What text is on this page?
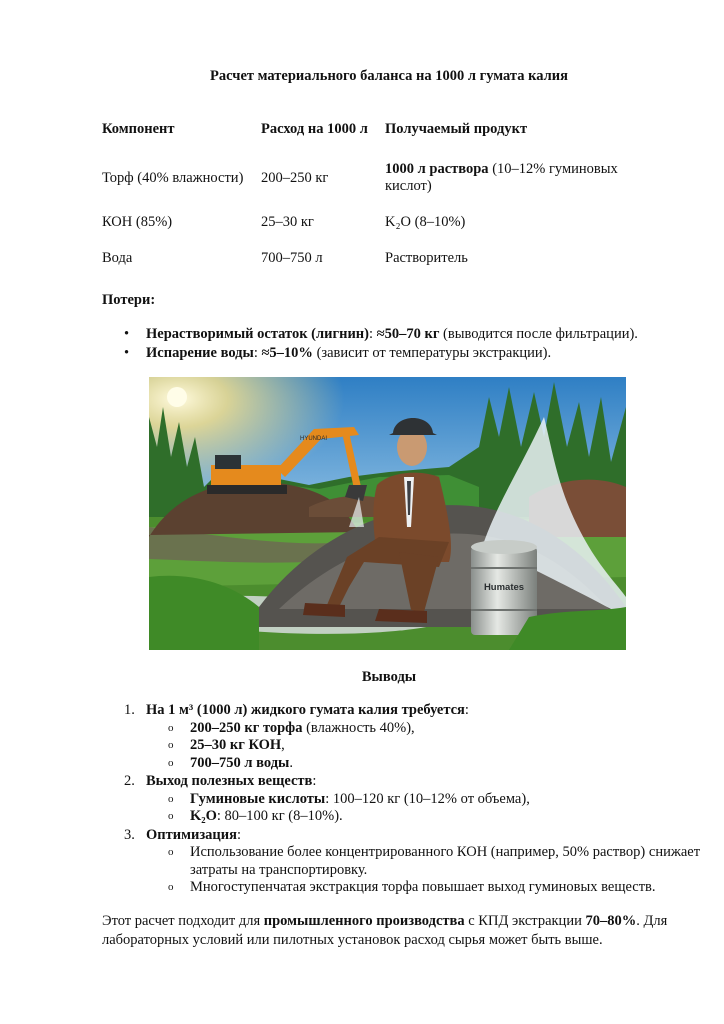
Расчет материального баланса на 1000 л гумата калия
Компонент	Расход на 1000 л	Получаемый продукт
Торф (40% влажности)	200–250 кг	1000 л раствора (10–12% гуминовых кислот)
КОН (85%)	25–30 кг	K₂O (8–10%)
Вода	700–750 л	Растворитель
Потери:
• Нерастворимый остаток (лигнин): ≈50–70 кг (выводится после фильтрации).
• Испарение воды: ≈5–10% (зависит от температуры экстракции).
HYUNDAI
Humates
Выводы
1. На 1 м³ (1000 л) жидкого гумата калия требуется:
o 200–250 кг торфа (влажность 40%),
o 25–30 кг КОН,
o 700–750 л воды.
2. Выход полезных веществ:
o Гуминовые кислоты: 100–120 кг (10–12% от объема),
o K₂O: 80–100 кг (8–10%).
3. Оптимизация:
o Использование более концентрированного КОН (например, 50% раствор) снижает затраты на транспортировку.
o Многоступенчатая экстракция торфа повышает выход гуминовых веществ.
Этот расчет подходит для промышленного производства с КПД экстракции 70–80%. Для лабораторных условий или пилотных установок расход сырья может быть выше.
